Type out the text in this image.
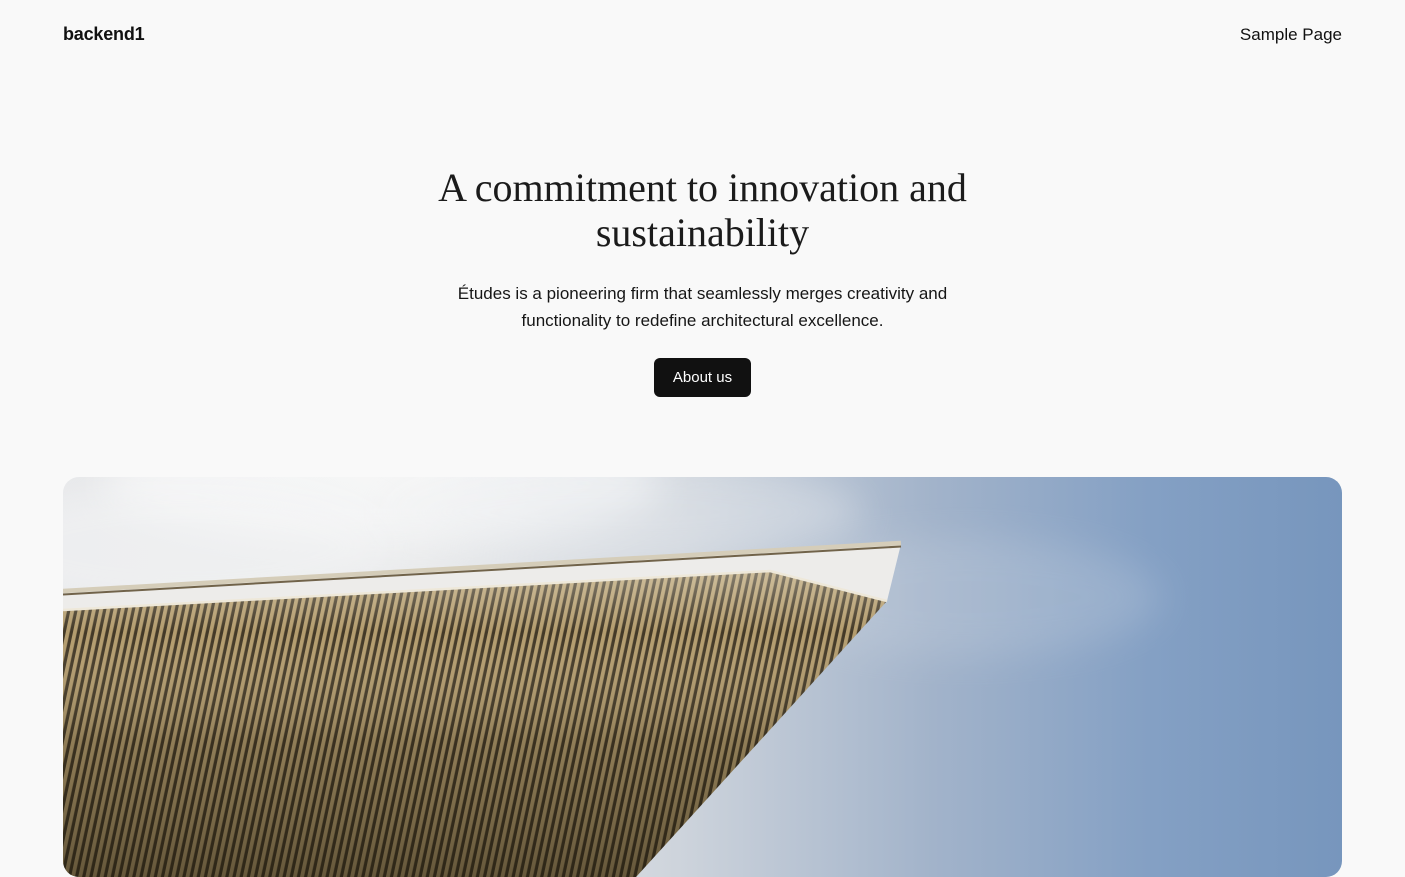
backend1	Sample Page
A commitment to innovation and sustainability

Études is a pioneering firm that seamlessly merges creativity and functionality to redefine architectural excellence.

About us
